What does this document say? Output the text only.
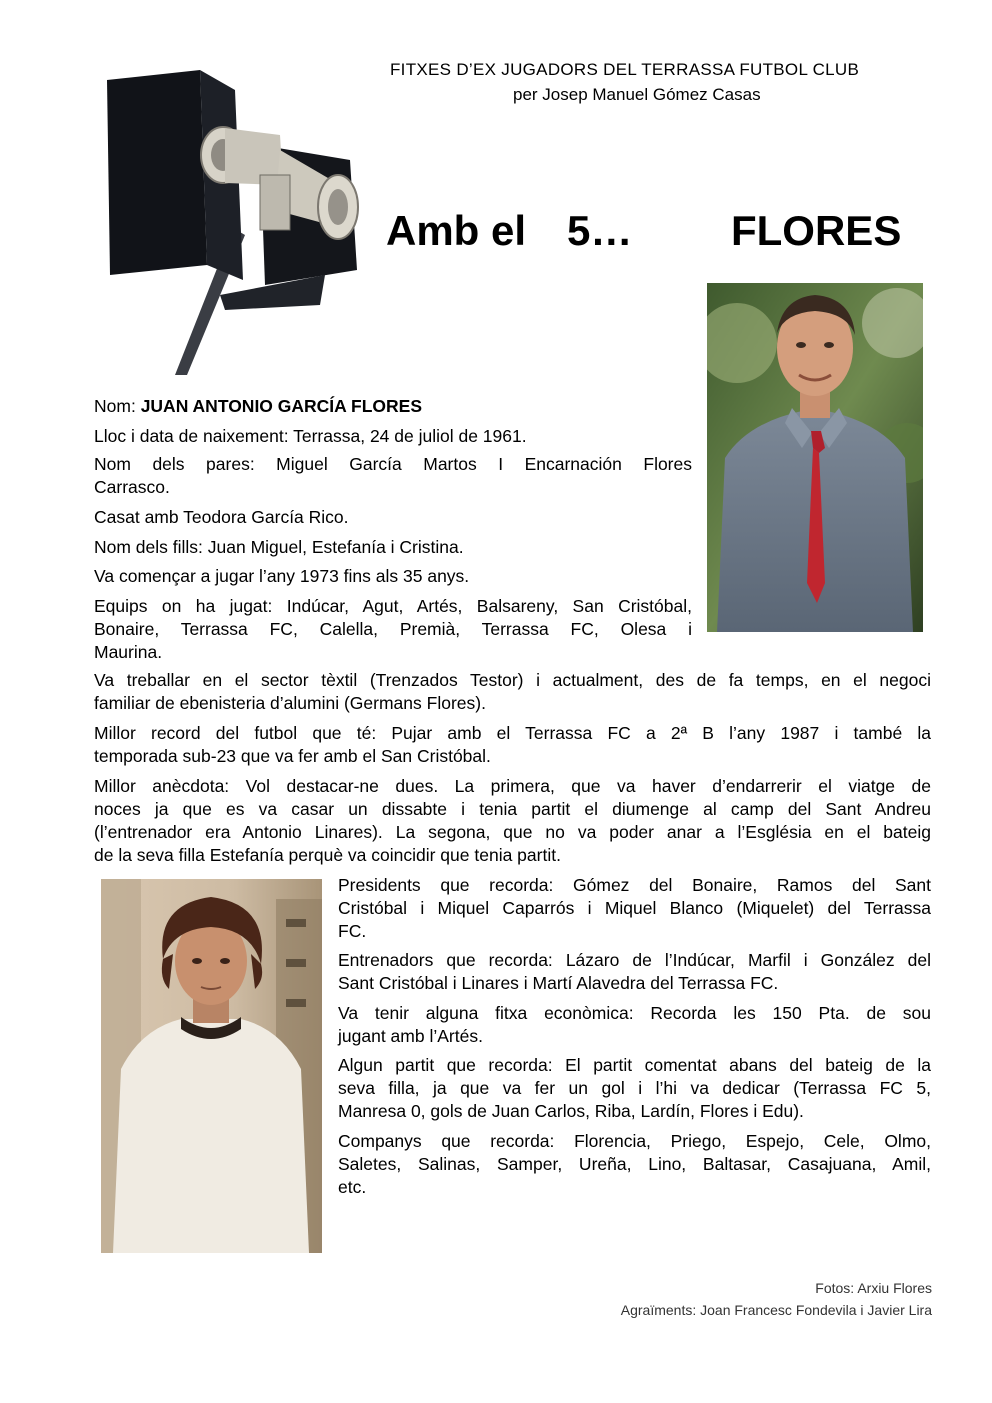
FITXES D’EX JUGADORS DEL TERRASSA FUTBOL CLUB
per Josep Manuel Gómez Casas
Amb el 5… FLORES

Nom: JUAN ANTONIO GARCÍA FLORES

Lloc i data de naixement: Terrassa, 24 de juliol de 1961.

Nom dels pares: Miguel García Martos I Encarnación Flores

Carrasco.

Casat amb Teodora García Rico.

Nom dels fills: Juan Miguel, Estefanía i Cristina.

Va començar a jugar l’any 1973 fins als 35 anys.

Equips on ha jugat: Indúcar, Agut, Artés, Balsareny, San Cristóbal,

Bonaire, Terrassa FC, Calella, Premià, Terrassa FC, Olesa i

Maurina.

Va treballar en el sector tèxtil (Trenzados Testor) i actualment, des de fa temps, en el negoci

familiar de ebenisteria d’alumini (Germans Flores).

Millor record del futbol que té: Pujar amb el Terrassa FC a 2ª B l’any 1987 i també la

temporada sub-23 que va fer amb el San Cristóbal.

Millor anècdota: Vol destacar-ne dues. La primera, que va haver d’endarrerir el viatge de

noces ja que es va casar un dissabte i tenia partit el diumenge al camp del Sant Andreu

(l’entrenador era Antonio Linares). La segona, que no va poder anar a l’Església en el bateig

de la seva filla Estefanía perquè va coincidir que tenia partit.

Presidents que recorda: Gómez del Bonaire, Ramos del Sant

Cristóbal i Miquel Caparrós i Miquel Blanco (Miquelet) del Terrassa

FC.

Entrenadors que recorda: Lázaro de l’Indúcar, Marfil i González del

Sant Cristóbal i Linares i Martí Alavedra del Terrassa FC.

Va tenir alguna fitxa econòmica: Recorda les 150 Pta. de sou

jugant amb l’Artés.

Algun partit que recorda: El partit comentat abans del bateig de la

seva filla, ja que va fer un gol i l’hi va dedicar (Terrassa FC 5,

Manresa 0, gols de Juan Carlos, Riba, Lardín, Flores i Edu).

Companys que recorda: Florencia, Priego, Espejo, Cele, Olmo,

Saletes, Salinas, Samper, Ureña, Lino, Baltasar, Casajuana, Amil,

etc.

Fotos: Arxiu Flores
Agraïments: Joan Francesc Fondevila i Javier Lira
